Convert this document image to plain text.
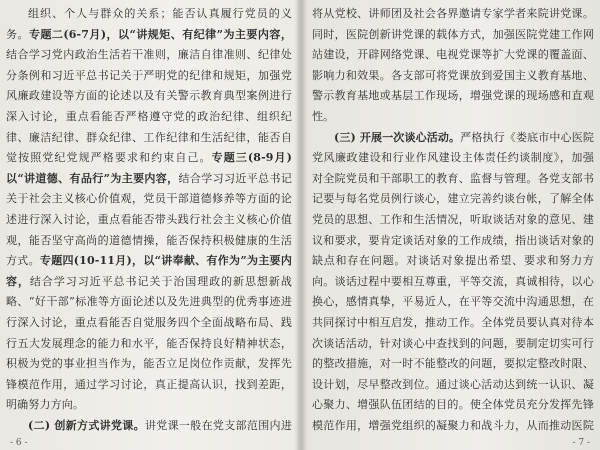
组织、个人与群众的关系；能否认真履行党员的义务。专题二(6-7月)，以“讲规矩、有纪律”为主要内容，结合学习党内政治生活若干准则，廉洁自律准则、纪律处分条例和习近平总书记关于严明党的纪律和规矩，加强党风廉政建设等方面的论述以及有关警示教育典型案例进行深入讨论，重点看能否严格遵守党的政治纪律、组织纪律、廉洁纪律、群众纪律、工作纪律和生活纪律，能否自觉按照党纪党规严格要求和约束自己。专题三(8-9月)以“讲道德、有品行”为主要内容，结合学习习近平总书记关于社会主义核心价值观，党员干部道德修养等方面的论述进行深入讨论，重点看能否带头践行社会主义核心价值观，能否坚守高尚的道德情操，能否保持积极健康的生活方式。专题四(10-11月)，以“讲奉献、有作为”为主要内容，结合学习习近平总书记关于治国理政的新思想新战略、“好干部”标准等方面论述以及先进典型的优秀事迹进行深入讨论，重点看能否自觉服务四个全面战略布局、践行五大发展理念的能力和水平，能否保持良好精神状态，积极为党的事业担当作为，能否立足岗位作贡献，发挥先锋模范作用，通过学习讨论，真正提高认识，找到差距，明确努力方向。

(二) 创新方式讲党课。讲党课一般在党支部范围内进

将从党校、讲师团及社会各界邀请专家学者来院讲党课。同时，医院创新讲党课的载体方式，加强医院党建工作网站建设，开辟网络党课、电视党课等扩大党课的覆盖面、影响力和效果。各支部可将党课放到爱国主义教育基地、警示教育基地或基层工作现场，增强党课的现场感和直观性。

(三) 开展一次谈心活动。严格执行《娄底市中心医院党风廉政建设和行业作风建设主体责任约谈制度》，加强对全院党员和干部职工的教育、监督与管理。各党支部书记要与每名党员例行谈心，建立完善约谈台帐，了解全体党员的思想、工作和生活情况，听取谈话对象的意见、建议和要求，要肯定谈话对象的工作成绩，指出谈话对象的缺点和存在问题。对谈话对象提出希望、要求和努力方向。谈话过程中要相互尊重，平等交流，真诚相待，以心换心，感情真挚，平易近人，在平等交流中沟通思想，在共同探讨中相互启发，推动工作。全体党员要认真对待本次谈话活动，针对谈心中查找到的问题，要制定切实可行的整改措施，对一时不能整改的问题，要拟定整改时限、设计划，尽早整改到位。通过谈心活动达到统一认识、凝心聚力、增强队伍团结的目的。使全体党员充分发挥先锋模范作用，增强党组织的凝聚力和战斗力，从而推动医院

- 6 -	- 7 -
